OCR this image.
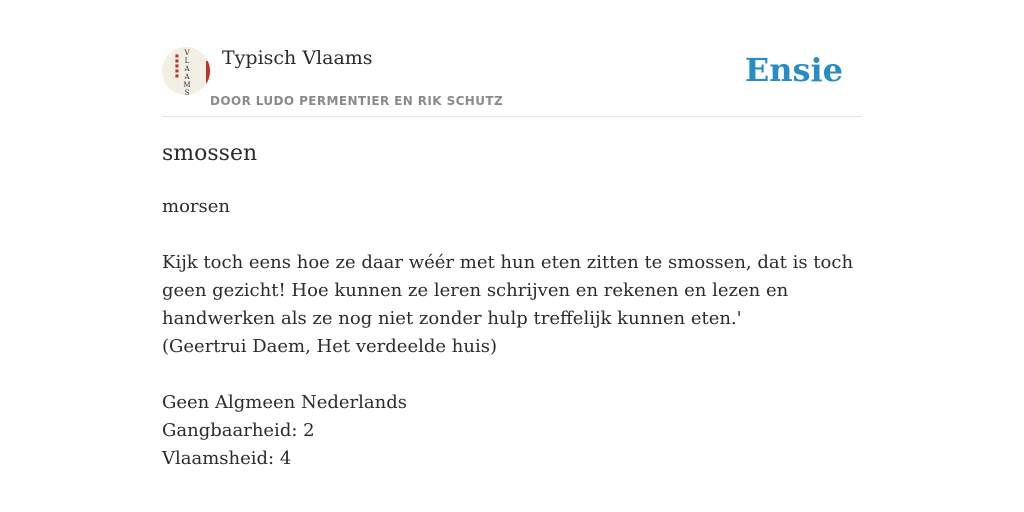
■
■
■
■
■
V
L
A
A
M
S
Typisch Vlaams
DOOR LUDO PERMENTIER EN RIK SCHUTZ
Ensie
smossen

morsen

Kijk toch eens hoe ze daar wéér met hun eten zitten te smossen, dat is toch geen gezicht! Hoe kunnen ze leren schrijven en rekenen en lezen en handwerken als ze nog niet zonder hulp treffelijk kunnen eten.'

(Geertrui Daem, Het verdeelde huis)

Geen Algmeen Nederlands

Gangbaarheid: 2

Vlaamsheid: 4
